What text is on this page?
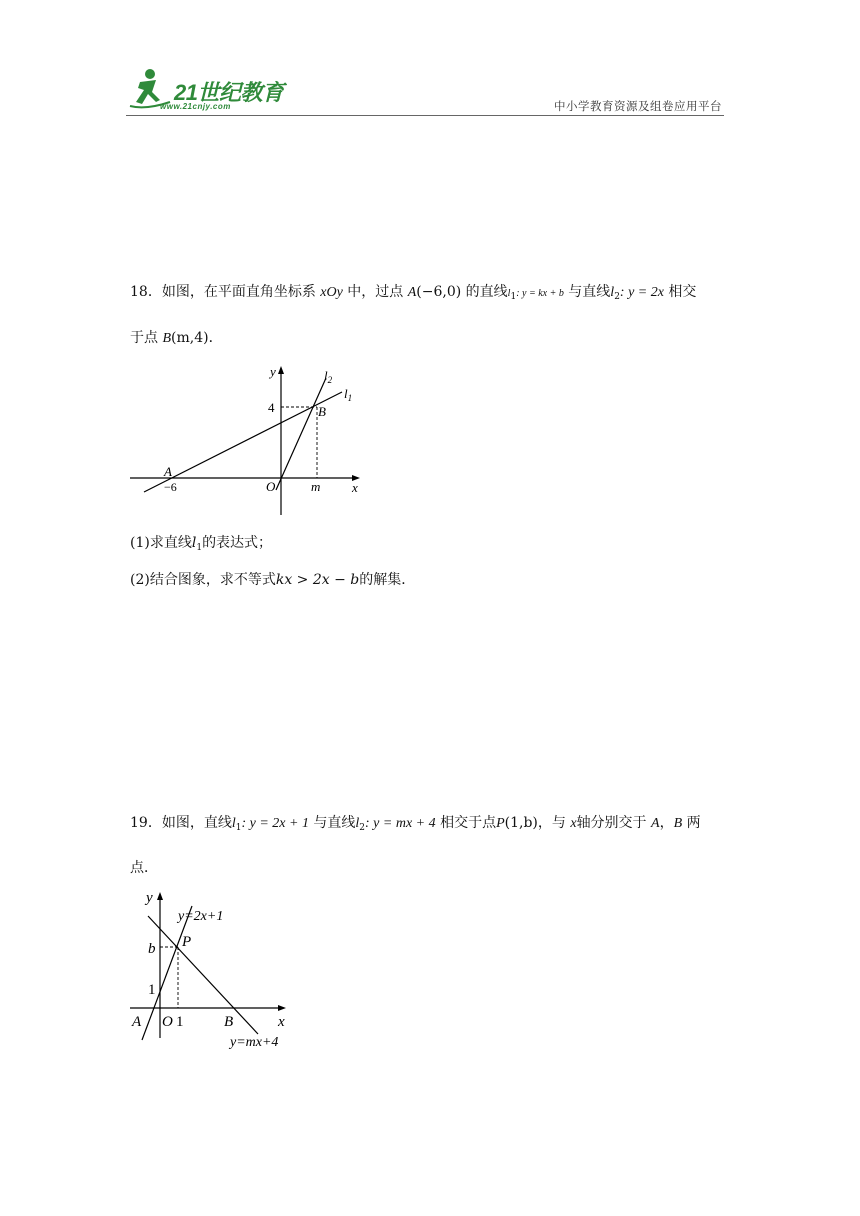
21世纪教育
www.21cnjy.com	中小学教育资源及组卷应用平台
18．如图，在平面直角坐标系 xOy 中，过点 A(−6,0) 的直线l1: y = kx + b 与直线$l_2$: y = 2x 相交
于点 B(m,4)．
y
x
4
$l_2$
$l_1$
B
A
−6	O	m
(1)求直线$l_1$的表达式；
(2)结合图象，求不等式kx > 2x − b的解集．
19．如图，直线$l_1$: y = 2x + 1 与直线$l_2$: y = mx + 4 相交于点P(1,b)，与 x轴分别交于 A，B 两
点．
y
x
y=2x+1
b P
1
A O 1	B
y=mx+4
